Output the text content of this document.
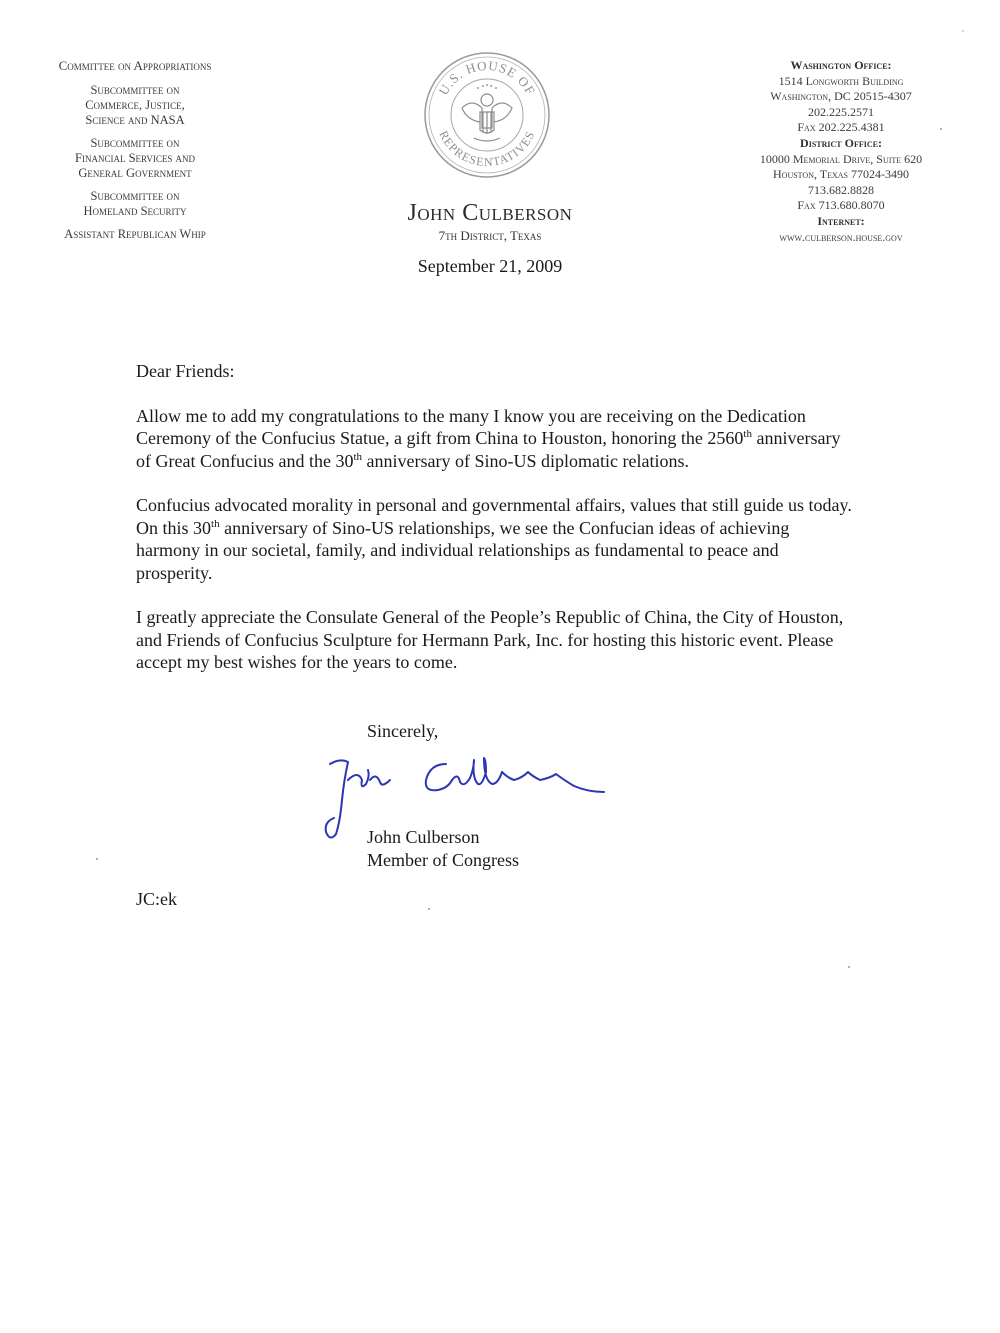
Committee on Appropriations
Subcommittee on
Commerce, Justice,
Science and NASA
Subcommittee on
Financial Services and
General Government
Subcommittee on
Homeland Security
Assistant Republican Whip
U.S. HOUSE OF
REPRESENTATIVES
John Culberson
7th District, Texas
September 21, 2009
Washington Office:
1514 Longworth Building
Washington, DC 20515-4307
202.225.2571
Fax 202.225.4381
District Office:
10000 Memorial Drive, Suite 620
Houston, Texas 77024-3490
713.682.8828
Fax 713.680.8070
Internet:
www.culberson.house.gov

Dear Friends:

Allow me to add my congratulations to the many I know you are receiving on the Dedication Ceremony of the Confucius Statue, a gift from China to Houston, honoring the 2560th anniversary of Great Confucius and the 30th anniversary of Sino-US diplomatic relations.

Confucius advocated morality in personal and governmental affairs, values that still guide us today. On this 30th anniversary of Sino-US relationships, we see the Confucian ideas of achieving harmony in our societal, family, and individual relationships as fundamental to peace and prosperity.

I greatly appreciate the Consulate General of the People’s Republic of China, the City of Houston, and Friends of Confucius Sculpture for Hermann Park, Inc. for hosting this historic event. Please accept my best wishes for the years to come.

Sincerely,
John Culberson
Member of Congress
JC:ek
